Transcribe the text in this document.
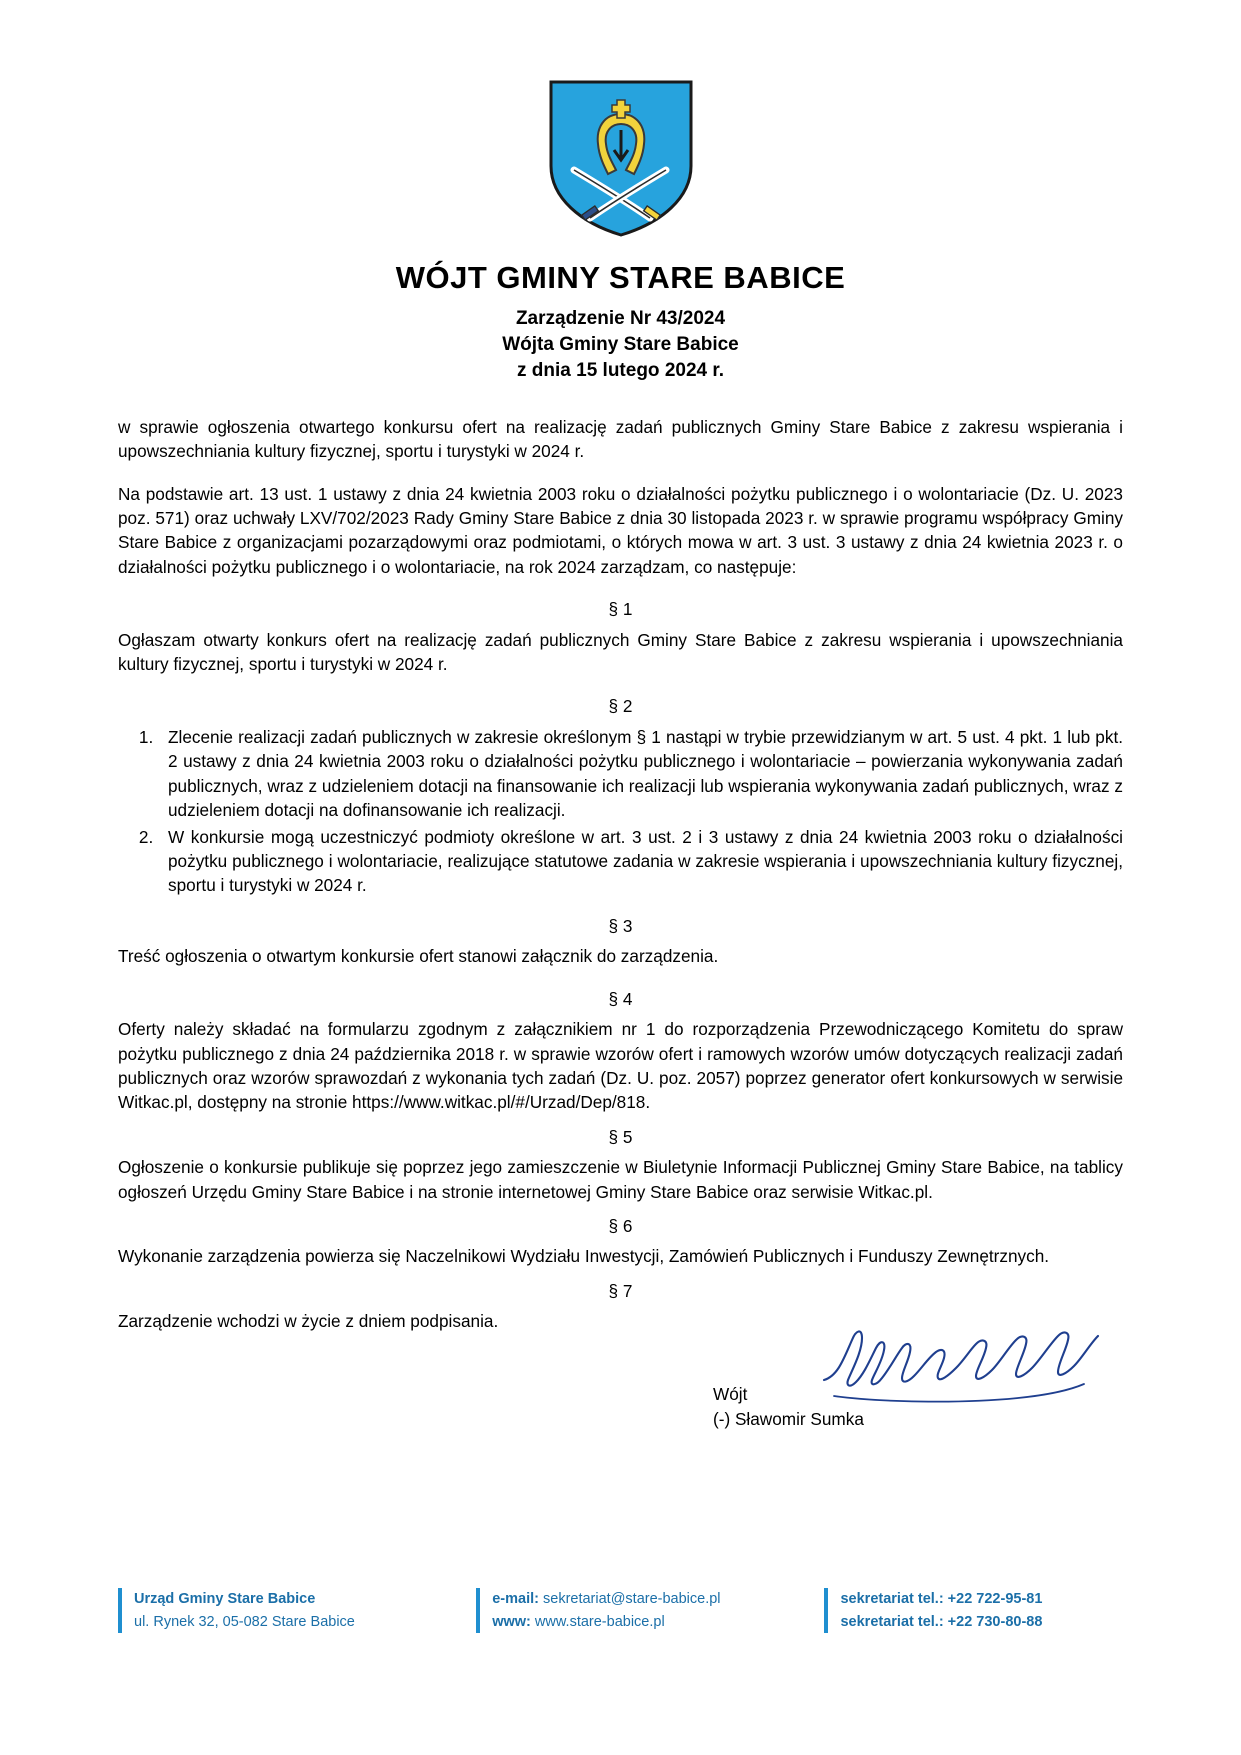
WÓJT GMINY STARE BABICE
Zarządzenie Nr 43/2024
Wójta Gminy Stare Babice
z dnia 15 lutego 2024 r.

w sprawie ogłoszenia otwartego konkursu ofert na realizację zadań publicznych Gminy Stare Babice z zakresu wspierania i upowszechniania kultury fizycznej, sportu i turystyki w 2024 r.

Na podstawie art. 13 ust. 1 ustawy z dnia 24 kwietnia 2003 roku o działalności pożytku publicznego i o wolontariacie (Dz. U. 2023 poz. 571) oraz uchwały LXV/702/2023 Rady Gminy Stare Babice z dnia 30 listopada 2023 r. w sprawie programu współpracy Gminy Stare Babice z organizacjami pozarządowymi oraz podmiotami, o których mowa w art. 3 ust. 3 ustawy z dnia 24 kwietnia 2023 r. o działalności pożytku publicznego i o wolontariacie, na rok 2024 zarządzam, co następuje:

§ 1

Ogłaszam otwarty konkurs ofert na realizację zadań publicznych Gminy Stare Babice z zakresu wspierania i upowszechniania kultury fizycznej, sportu i turystyki w 2024 r.

§ 2
1. Zlecenie realizacji zadań publicznych w zakresie określonym § 1 nastąpi w trybie przewidzianym w art. 5 ust. 4 pkt. 1 lub pkt. 2 ustawy z dnia 24 kwietnia 2003 roku o działalności pożytku publicznego i wolontariacie – powierzania wykonywania zadań publicznych, wraz z udzieleniem dotacji na finansowanie ich realizacji lub wspierania wykonywania zadań publicznych, wraz z udzieleniem dotacji na dofinansowanie ich realizacji.
2. W konkursie mogą uczestniczyć podmioty określone w art. 3 ust. 2 i 3 ustawy z dnia 24 kwietnia 2003 roku o działalności pożytku publicznego i wolontariacie, realizujące statutowe zadania w zakresie wspierania i upowszechniania kultury fizycznej, sportu i turystyki w 2024 r.
§ 3

Treść ogłoszenia o otwartym konkursie ofert stanowi załącznik do zarządzenia.

§ 4

Oferty należy składać na formularzu zgodnym z załącznikiem nr 1 do rozporządzenia Przewodniczącego Komitetu do spraw pożytku publicznego z dnia 24 października 2018 r. w sprawie wzorów ofert i ramowych wzorów umów dotyczących realizacji zadań publicznych oraz wzorów sprawozdań z wykonania tych zadań (Dz. U. poz. 2057) poprzez generator ofert konkursowych w serwisie Witkac.pl, dostępny na stronie https://www.witkac.pl/#/Urzad/Dep/818.

§ 5

Ogłoszenie o konkursie publikuje się poprzez jego zamieszczenie w Biuletynie Informacji Publicznej Gminy Stare Babice, na tablicy ogłoszeń Urzędu Gminy Stare Babice i na stronie internetowej Gminy Stare Babice oraz serwisie Witkac.pl.

§ 6

Wykonanie zarządzenia powierza się Naczelnikowi Wydziału Inwestycji, Zamówień Publicznych i Funduszy Zewnętrznych.

§ 7

Zarządzenie wchodzi w życie z dniem podpisania.

Wójt
(-) Sławomir Sumka
Urząd Gminy Stare Babice
ul. Rynek 32, 05-082 Stare Babice
e-mail: sekretariat@stare-babice.pl
www: www.stare-babice.pl
sekretariat tel.: +22 722-95-81
sekretariat tel.: +22 730-80-88
